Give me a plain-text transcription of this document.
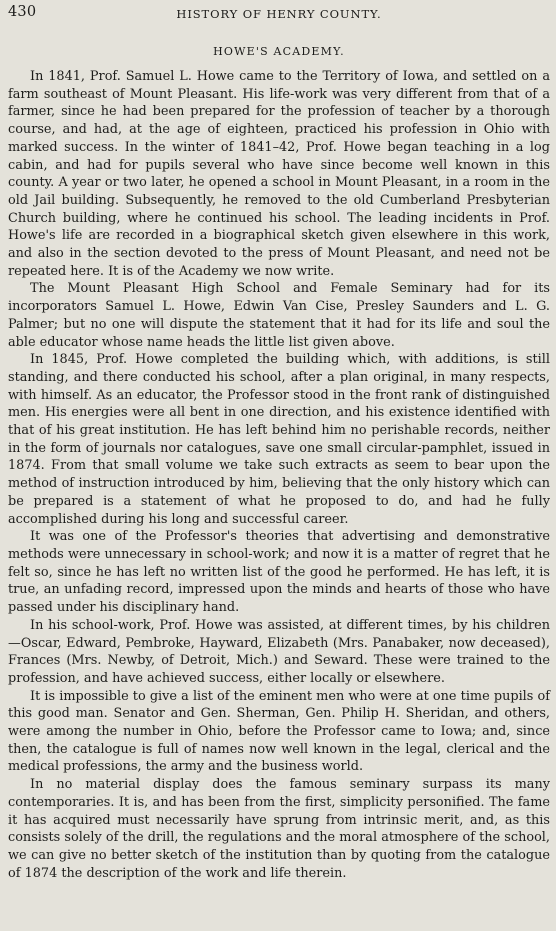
430	HISTORY OF HENRY COUNTY.
HOWE'S ACADEMY.

In 1841, Prof. Samuel L. Howe came to the Territory of Iowa, and settled on a farm southeast of Mount Pleasant. His life-work was very different from that of a farmer, since he had been prepared for the profession of teacher by a thorough course, and had, at the age of eighteen, practiced his profession in Ohio with marked success. In the winter of 1841–42, Prof. Howe began teaching in a log cabin, and had for pupils several who have since become well known in this county. A year or two later, he opened a school in Mount Pleasant, in a room in the old Jail building. Subsequently, he removed to the old Cumberland Presbyterian Church building, where he continued his school. The leading incidents in Prof. Howe's life are recorded in a biographical sketch given elsewhere in this work, and also in the section devoted to the press of Mount Pleasant, and need not be repeated here. It is of the Academy we now write.

The Mount Pleasant High School and Female Seminary had for its incorporators Samuel L. Howe, Edwin Van Cise, Presley Saunders and L. G. Palmer; but no one will dispute the statement that it had for its life and soul the able educator whose name heads the little list given above.

In 1845, Prof. Howe completed the building which, with additions, is still standing, and there conducted his school, after a plan original, in many respects, with himself. As an educator, the Professor stood in the front rank of distinguished men. His energies were all bent in one direction, and his existence identified with that of his great institution. He has left behind him no perishable records, neither in the form of journals nor catalogues, save one small circular-pamphlet, issued in 1874. From that small volume we take such extracts as seem to bear upon the method of instruction introduced by him, believing that the only history which can be prepared is a statement of what he proposed to do, and had he fully accomplished during his long and successful career.

It was one of the Professor's theories that advertising and demonstrative methods were unnecessary in school-work; and now it is a matter of regret that he felt so, since he has left no written list of the good he performed. He has left, it is true, an unfading record, impressed upon the minds and hearts of those who have passed under his disciplinary hand.

In his school-work, Prof. Howe was assisted, at different times, by his children—Oscar, Edward, Pembroke, Hayward, Elizabeth (Mrs. Panabaker, now deceased), Frances (Mrs. Newby, of Detroit, Mich.) and Seward. These were trained to the profession, and have achieved success, either locally or elsewhere.

It is impossible to give a list of the eminent men who were at one time pupils of this good man. Senator and Gen. Sherman, Gen. Philip H. Sheridan, and others, were among the number in Ohio, before the Professor came to Iowa; and, since then, the catalogue is full of names now well known in the legal, clerical and the medical professions, the army and the business world.

In no material display does the famous seminary surpass its many contemporaries. It is, and has been from the first, simplicity personified. The fame it has acquired must necessarily have sprung from intrinsic merit, and, as this consists solely of the drill, the regulations and the moral atmosphere of the school, we can give no better sketch of the institution than by quoting from the catalogue of 1874 the description of the work and life therein.
